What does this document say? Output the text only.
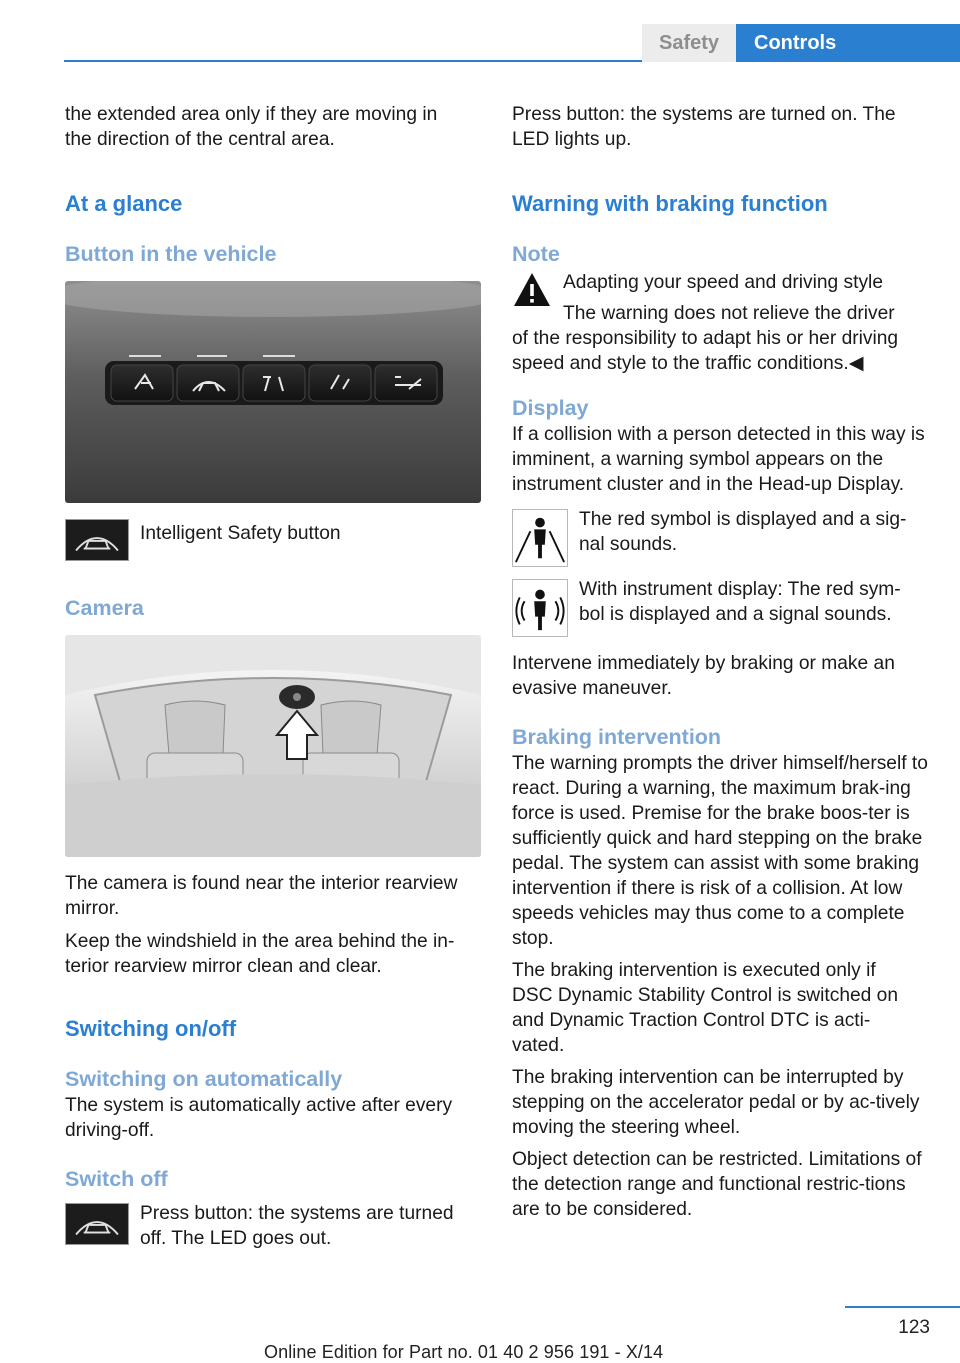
Safety	Controls

the extended area only if they are moving in the direction of the central area.

At a glance
Button in the vehicle

Intelligent Safety button

Camera

The camera is found near the interior rearview mirror.

Keep the windshield in the area behind the in‐terior rearview mirror clean and clear.

Switching on/off
Switching on automatically

The system is automatically active after every driving-off.

Switch off

Press button: the systems are turned off. The LED goes out.

Press button: the systems are turned on. The LED lights up.

Warning with braking function
Note

Adapting your speed and driving style

The warning does not relieve the driver

of the responsibility to adapt his or her driving speed and style to the traffic conditions.◀

Display

If a collision with a person detected in this way is imminent, a warning symbol appears on the instrument cluster and in the Head-up Display.

The red symbol is displayed and a sig‐nal sounds.

With instrument display: The red sym‐bol is displayed and a signal sounds.

Intervene immediately by braking or make an evasive maneuver.

Braking intervention

The warning prompts the driver himself/herself to react. During a warning, the maximum brak‐ing force is used. Premise for the brake boos‐ter is sufficiently quick and hard stepping on the brake pedal. The system can assist with some braking intervention if there is risk of a collision. At low speeds vehicles may thus come to a complete stop.

The braking intervention is executed only if DSC Dynamic Stability Control is switched on and Dynamic Traction Control DTC is acti‐vated.

The braking intervention can be interrupted by stepping on the accelerator pedal or by ac‐tively moving the steering wheel.

Object detection can be restricted. Limitations of the detection range and functional restric‐tions are to be considered.

123
Online Edition for Part no. 01 40 2 956 191 - X/14
